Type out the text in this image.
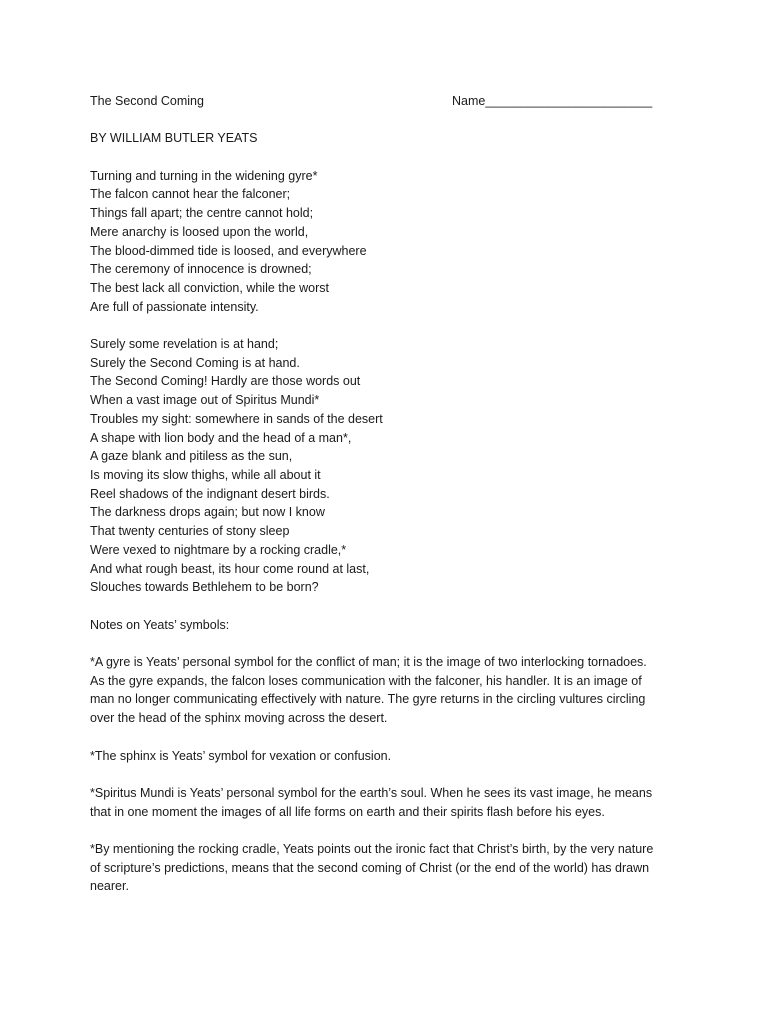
The Second Coming	Name________________________
BY WILLIAM BUTLER YEATS
Turning and turning in the widening gyre*
The falcon cannot hear the falconer;
Things fall apart; the centre cannot hold;
Mere anarchy is loosed upon the world,
The blood-dimmed tide is loosed, and everywhere
The ceremony of innocence is drowned;
The best lack all conviction, while the worst
Are full of passionate intensity.
Surely some revelation is at hand;
Surely the Second Coming is at hand.
The Second Coming! Hardly are those words out
When a vast image out of Spiritus Mundi*
Troubles my sight: somewhere in sands of the desert
A shape with lion body and the head of a man*,
A gaze blank and pitiless as the sun,
Is moving its slow thighs, while all about it
Reel shadows of the indignant desert birds.
The darkness drops again; but now I know
That twenty centuries of stony sleep
Were vexed to nightmare by a rocking cradle,*
And what rough beast, its hour come round at last,
Slouches towards Bethlehem to be born?
Notes on Yeats’ symbols:
*A gyre is Yeats’ personal symbol for the conflict of man; it is the image of two interlocking tornadoes.
As the gyre expands, the falcon loses communication with the falconer, his handler. It is an image of
man no longer communicating effectively with nature. The gyre returns in the circling vultures circling
over the head of the sphinx moving across the desert.
*The sphinx is Yeats’ symbol for vexation or confusion.
*Spiritus Mundi is Yeats’ personal symbol for the earth’s soul. When he sees its vast image, he means
that in one moment the images of all life forms on earth and their spirits flash before his eyes.
*By mentioning the rocking cradle, Yeats points out the ironic fact that Christ’s birth, by the very nature
of scripture’s predictions, means that the second coming of Christ (or the end of the world) has drawn
nearer.
